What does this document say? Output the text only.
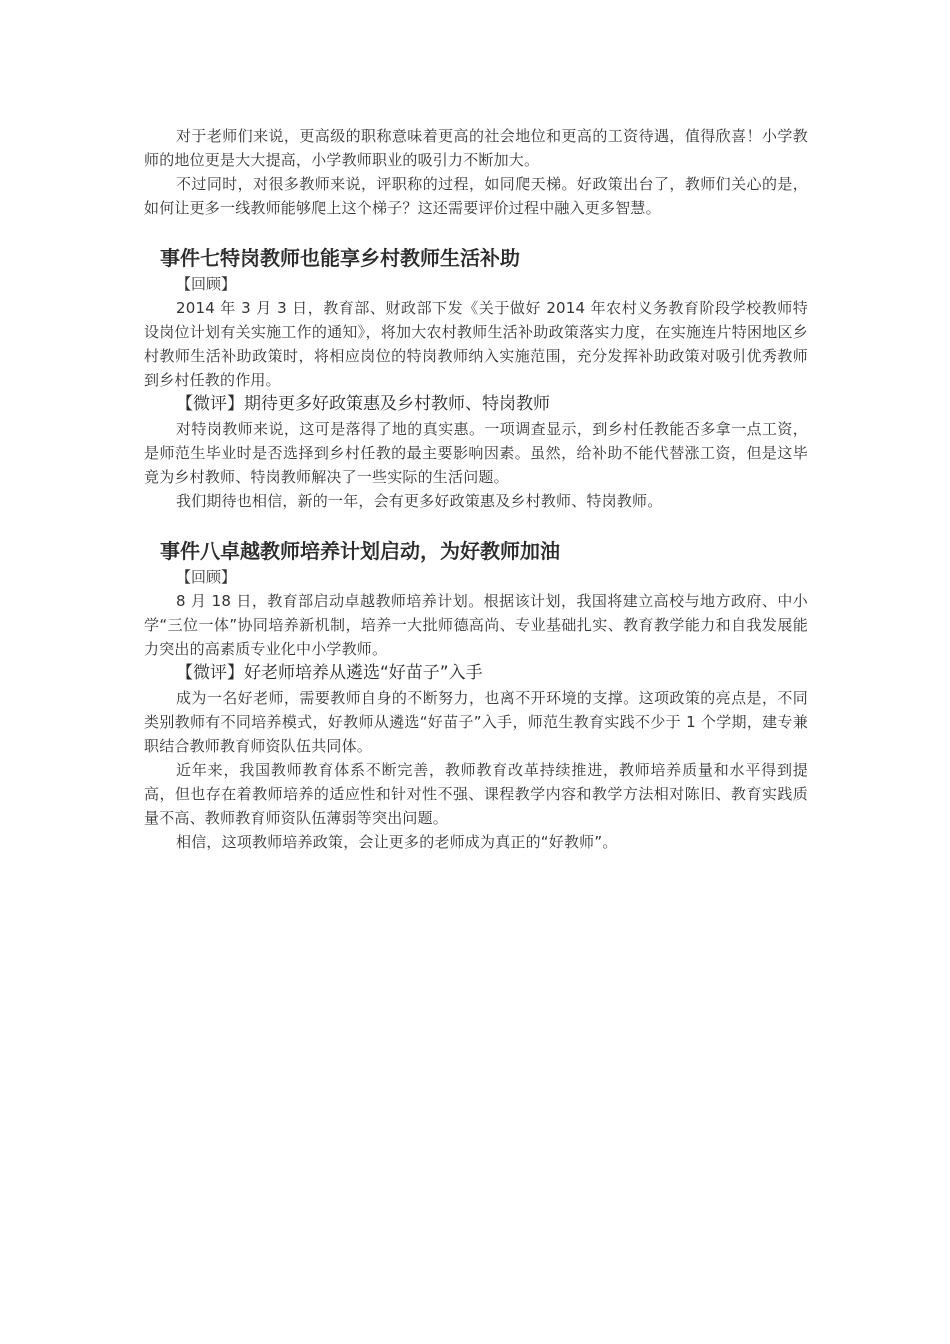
对于老师们来说，更高级的职称意味着更高的社会地位和更高的工资待遇，值得欣喜！小学教师的地位更是大大提高，小学教师职业的吸引力不断加大。

不过同时，对很多教师来说，评职称的过程，如同爬天梯。好政策出台了，教师们关心的是，如何让更多一线教师能够爬上这个梯子？这还需要评价过程中融入更多智慧。

事件七特岗教师也能享乡村教师生活补助
【回顾】

2014 年 3 月 3 日，教育部、财政部下发《关于做好 2014 年农村义务教育阶段学校教师特设岗位计划有关实施工作的通知》，将加大农村教师生活补助政策落实力度，在实施连片特困地区乡村教师生活补助政策时，将相应岗位的特岗教师纳入实施范围，充分发挥补助政策对吸引优秀教师到乡村任教的作用。

【微评】期待更多好政策惠及乡村教师、特岗教师

对特岗教师来说，这可是落得了地的真实惠。一项调查显示，到乡村任教能否多拿一点工资，是师范生毕业时是否选择到乡村任教的最主要影响因素。虽然，给补助不能代替涨工资，但是这毕竟为乡村教师、特岗教师解决了一些实际的生活问题。

我们期待也相信，新的一年，会有更多好政策惠及乡村教师、特岗教师。

事件八卓越教师培养计划启动，为好教师加油
【回顾】

8 月 18 日，教育部启动卓越教师培养计划。根据该计划，我国将建立高校与地方政府、中小学“三位一体”协同培养新机制，培养一大批师德高尚、专业基础扎实、教育教学能力和自我发展能力突出的高素质专业化中小学教师。

【微评】好老师培养从遴选“好苗子”入手

成为一名好老师，需要教师自身的不断努力，也离不开环境的支撑。这项政策的亮点是，不同类别教师有不同培养模式，好教师从遴选“好苗子”入手，师范生教育实践不少于 1 个学期，建专兼职结合教师教育师资队伍共同体。

近年来，我国教师教育体系不断完善，教师教育改革持续推进，教师培养质量和水平得到提高，但也存在着教师培养的适应性和针对性不强、课程教学内容和教学方法相对陈旧、教育实践质量不高、教师教育师资队伍薄弱等突出问题。

相信，这项教师培养政策，会让更多的老师成为真正的“好教师”。
